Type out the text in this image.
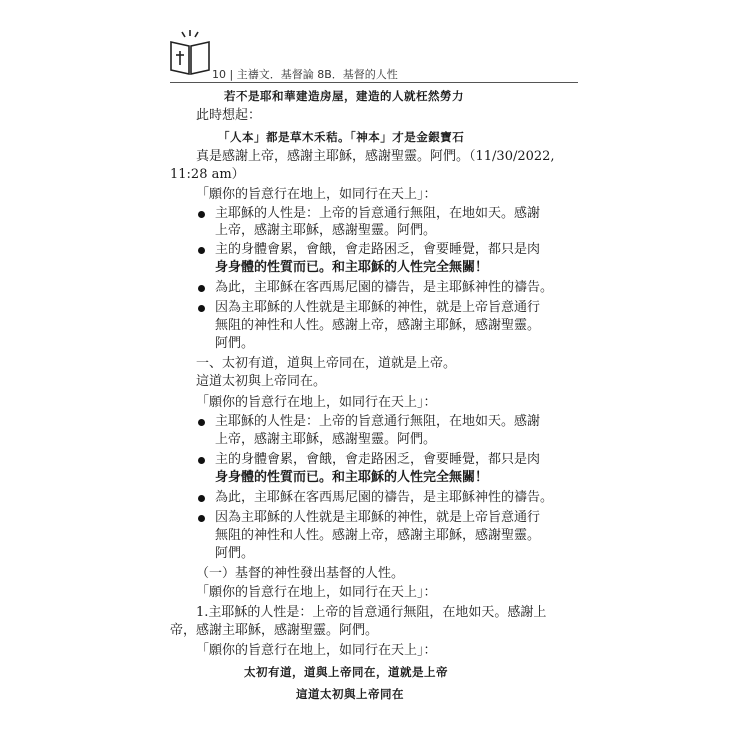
10 | 主禱文．基督論 8B．基督的人性
若不是耶和華建造房屋，建造的人就枉然勞力
此時想起：
「人本」都是草木禾秸。「神本」才是金銀寶石
真是感謝上帝，感謝主耶穌，感謝聖靈。阿們。（11/30/2022,
11:28 am）
「願你的旨意行在地上，如同行在天上」：
主耶穌的人性是：上帝的旨意通行無阻，在地如天。感謝
上帝，感謝主耶穌，感謝聖靈。阿們。
主的身體會累，會餓，會走路困乏，會要睡覺，都只是肉
身身體的性質而已。和主耶穌的人性完全無關！
為此，主耶穌在客西馬尼園的禱告，是主耶穌神性的禱告。
因為主耶穌的人性就是主耶穌的神性，就是上帝旨意通行
無阻的神性和人性。感謝上帝，感謝主耶穌，感謝聖靈。
阿們。
一、太初有道，道與上帝同在，道就是上帝。
這道太初與上帝同在。
「願你的旨意行在地上，如同行在天上」：
主耶穌的人性是：上帝的旨意通行無阻，在地如天。感謝
上帝，感謝主耶穌，感謝聖靈。阿們。
主的身體會累，會餓，會走路困乏，會要睡覺，都只是肉
身身體的性質而已。和主耶穌的人性完全無關！
為此，主耶穌在客西馬尼園的禱告，是主耶穌神性的禱告。
因為主耶穌的人性就是主耶穌的神性，就是上帝旨意通行
無阻的神性和人性。感謝上帝，感謝主耶穌，感謝聖靈。
阿們。
（一）基督的神性發出基督的人性。
「願你的旨意行在地上，如同行在天上」：
1.主耶穌的人性是：上帝的旨意通行無阻，在地如天。感謝上
帝，感謝主耶穌，感謝聖靈。阿們。
「願你的旨意行在地上，如同行在天上」：
太初有道，道與上帝同在，道就是上帝
這道太初與上帝同在
